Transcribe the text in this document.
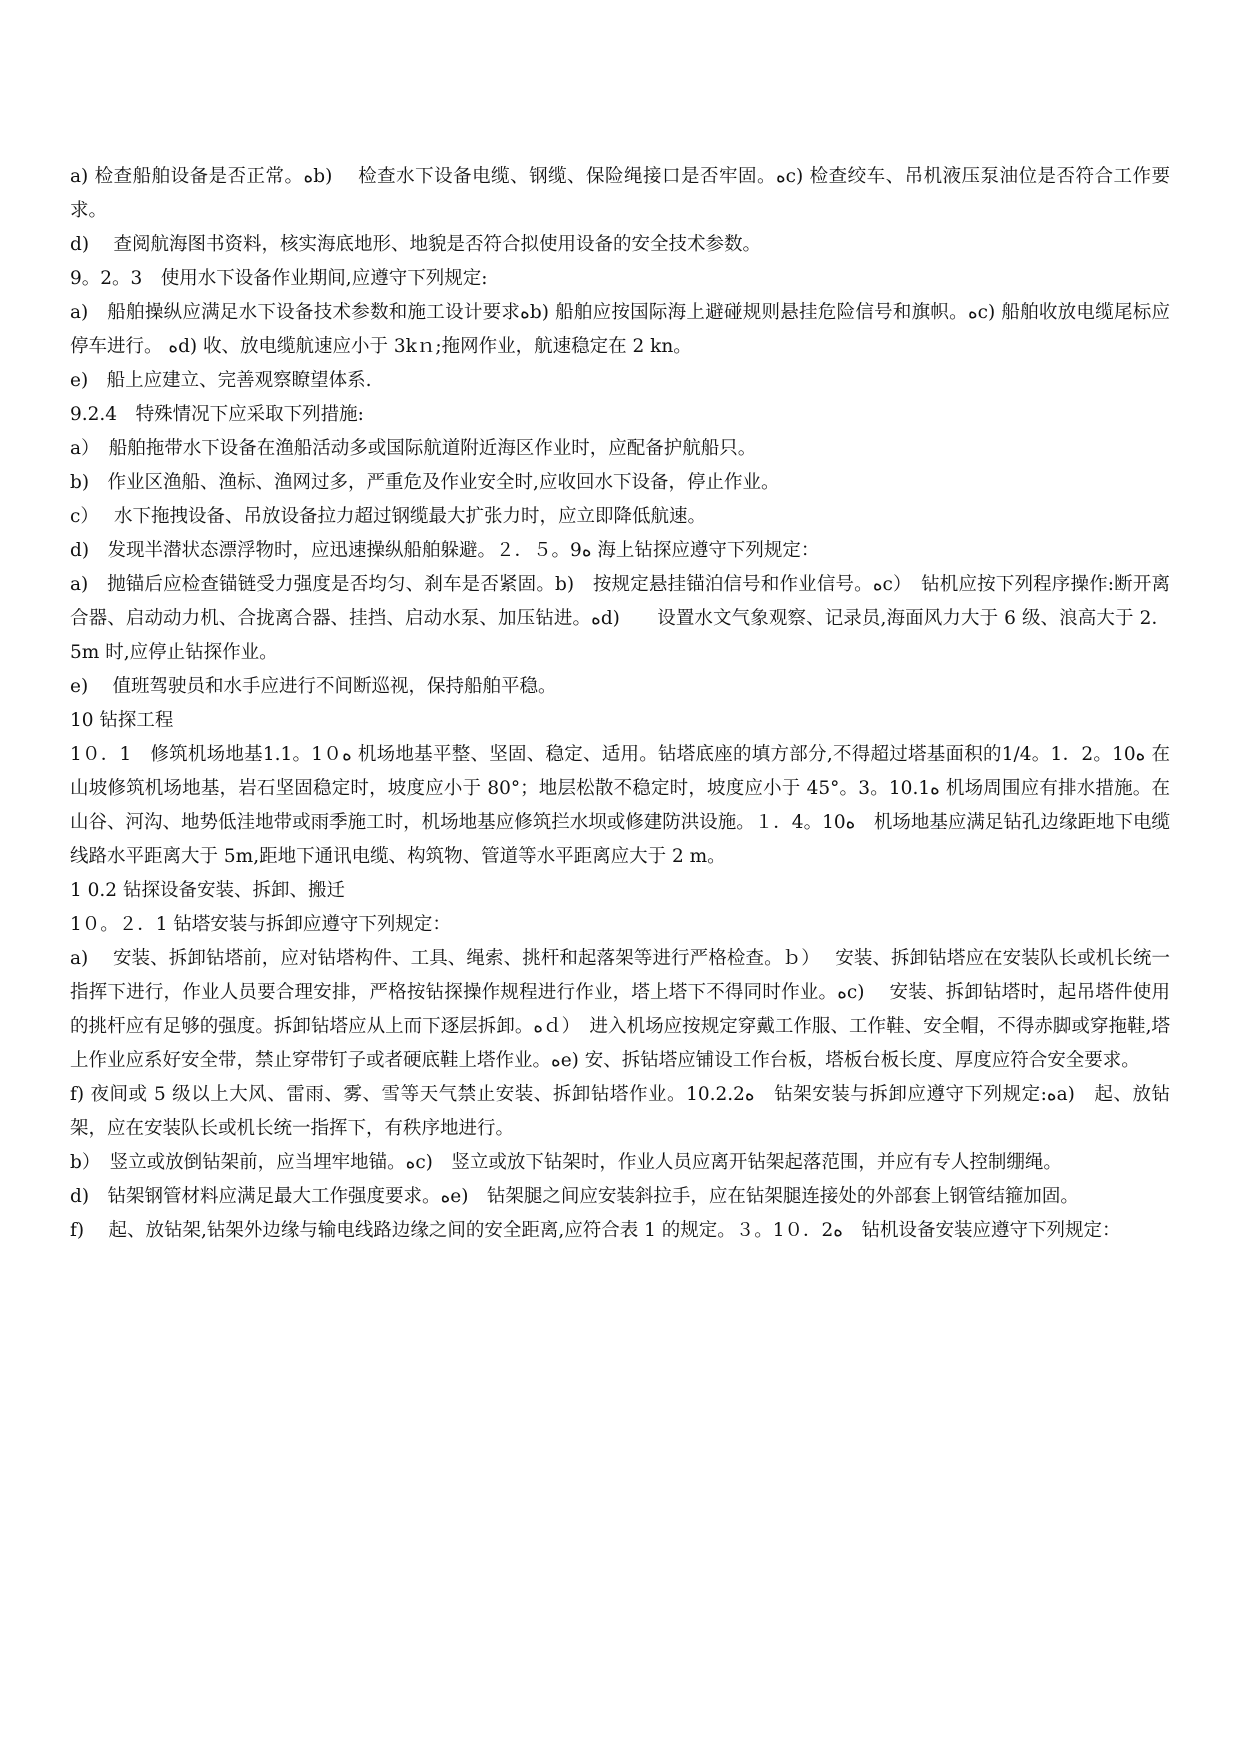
a) 检查船舶设备是否正常。ﻩb)　 检查水下设备电缆、钢缆、保险绳接口是否牢固。ﻩc) 检查绞车、吊机液压泵油位是否符合工作要求。

d)　 查阅航海图书资料，核实海底地形、地貌是否符合拟使用设备的安全技术参数。

9。2。3　使用水下设备作业期间,应遵守下列规定:

a)　船舶操纵应满足水下设备技术参数和施工设计要求ﻩb) 船舶应按国际海上避碰规则悬挂危险信号和旗帜。ﻩc) 船舶收放电缆尾标应停车进行。 ﻩd) 收、放电缆航速应小于 3kｎ;拖网作业，航速稳定在 2 kn。

e)　船上应建立、完善观察瞭望体系.

9.2.4　特殊情况下应采取下列措施:

a）　船舶拖带水下设备在渔船活动多或国际航道附近海区作业时，应配备护航船只。

b)　作业区渔船、渔标、渔网过多，严重危及作业安全时,应收回水下设备，停止作业。

c）　 水下拖拽设备、吊放设备拉力超过钢缆最大扩张力时，应立即降低航速。

d)　发现半潜状态漂浮物时，应迅速操纵船舶躲避。２．５。9ﻩ 海上钻探应遵守下列规定：

a)　抛锚后应检查锚链受力强度是否均匀、刹车是否紧固。b)　按规定悬挂锚泊信号和作业信号。ﻩc）　钻机应按下列程序操作:断开离合器、启动动力机、合拢离合器、挂挡、启动水泵、加压钻进。ﻩd)　　设置水文气象观察、记录员,海面风力大于 6 级、浪高大于 2．5m 时,应停止钻探作业。

e)　 值班驾驶员和水手应进行不间断巡视，保持船舶平稳。

10 钻探工程

1０．1　修筑机场地基1.1。1０ﻩ 机场地基平整、坚固、稳定、适用。钻塔底座的填方部分,不得超过塔基面积的1/4。1．2。10ﻩ 在山坡修筑机场地基，岩石坚固稳定时，坡度应小于 80°；地层松散不稳定时，坡度应小于 45°。3。10.1ﻩ 机场周围应有排水措施。在山谷、河沟、地势低洼地带或雨季施工时，机场地基应修筑拦水坝或修建防洪设施。１．4。10ﻩ　机场地基应满足钻孔边缘距地下电缆线路水平距离大于 5m,距地下通讯电缆、构筑物、管道等水平距离应大于 2 m。

1 0.2 钻探设备安装、拆卸、搬迁

1０。２．1 钻塔安装与拆卸应遵守下列规定：

a)　 安装、拆卸钻塔前，应对钻塔构件、工具、绳索、挑杆和起落架等进行严格检查。ｂ）　 安装、拆卸钻塔应在安装队长或机长统一指挥下进行，作业人员要合理安排，严格按钻探操作规程进行作业，塔上塔下不得同时作业。ﻩc)　 安装、拆卸钻塔时，起吊塔件使用的挑杆应有足够的强度。拆卸钻塔应从上而下逐层拆卸。ﻩｄ）　进入机场应按规定穿戴工作服、工作鞋、安全帽，不得赤脚或穿拖鞋,塔上作业应系好安全带，禁止穿带钉子或者硬底鞋上塔作业。ﻩe) 安、拆钻塔应铺设工作台板，塔板台板长度、厚度应符合安全要求。

f) 夜间或 5 级以上大风、雷雨、雾、雪等天气禁止安装、拆卸钻塔作业。10.2.2ﻩ　钻架安装与拆卸应遵守下列规定:ﻩa)　起、放钻架，应在安装队长或机长统一指挥下，有秩序地进行。

b）　竖立或放倒钻架前，应当埋牢地锚。ﻩc)　竖立或放下钻架时，作业人员应离开钻架起落范围，并应有专人控制绷绳。

d)　钻架钢管材料应满足最大工作强度要求。ﻩe)　钻架腿之间应安装斜拉手，应在钻架腿连接处的外部套上钢管结箍加固。

f)　 起、放钻架,钻架外边缘与输电线路边缘之间的安全距离,应符合表 1 的规定。３。1０．2ﻩ　钻机设备安装应遵守下列规定：
